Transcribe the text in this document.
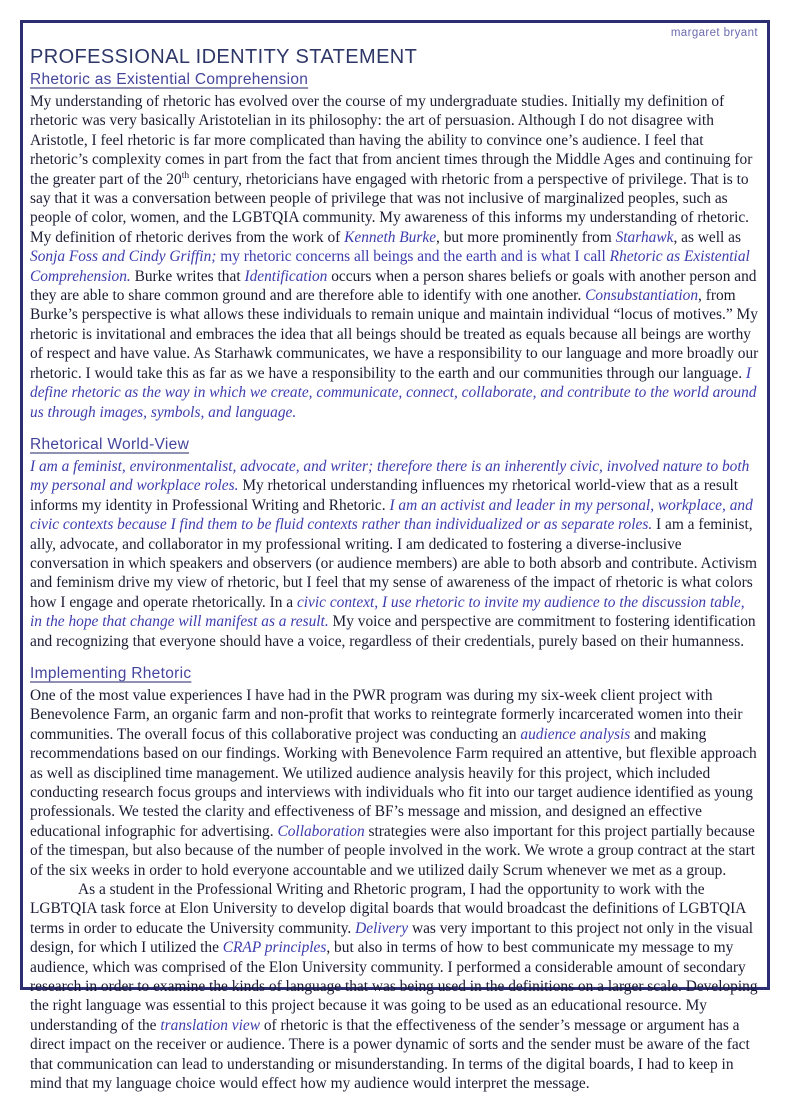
margaret bryant
PROFESSIONAL IDENTITY STATEMENT
Rhetoric as Existential Comprehension

My understanding of rhetoric has evolved over the course of my undergraduate studies. Initially my definition of rhetoric was very basically Aristotelian in its philosophy: the art of persuasion. Although I do not disagree with Aristotle, I feel rhetoric is far more complicated than having the ability to convince one’s audience. I feel that rhetoric’s complexity comes in part from the fact that from ancient times through the Middle Ages and continuing for the greater part of the 20th century, rhetoricians have engaged with rhetoric from a perspective of privilege. That is to say that it was a conversation between people of privilege that was not inclusive of marginalized peoples, such as people of color, women, and the LGBTQIA community. My awareness of this informs my understanding of rhetoric. My definition of rhetoric derives from the work of Kenneth Burke, but more prominently from Starhawk, as well as Sonja Foss and Cindy Griffin; my rhetoric concerns all beings and the earth and is what I call Rhetoric as Existential Comprehension. Burke writes that Identification occurs when a person shares beliefs or goals with another person and they are able to share common ground and are therefore able to identify with one another. Consubstantiation, from Burke’s perspective is what allows these individuals to remain unique and maintain individual “locus of motives.” My rhetoric is invitational and embraces the idea that all beings should be treated as equals because all beings are worthy of respect and have value. As Starhawk communicates, we have a responsibility to our language and more broadly our rhetoric. I would take this as far as we have a responsibility to the earth and our communities through our language. I define rhetoric as the way in which we create, communicate, connect, collaborate, and contribute to the world around us through images, symbols, and language.

Rhetorical World-View

I am a feminist, environmentalist, advocate, and writer; therefore there is an inherently civic, involved nature to both my personal and workplace roles. My rhetorical understanding influences my rhetorical world-view that as a result informs my identity in Professional Writing and Rhetoric. I am an activist and leader in my personal, workplace, and civic contexts because I find them to be fluid contexts rather than individualized or as separate roles. I am a feminist, ally, advocate, and collaborator in my professional writing. I am dedicated to fostering a diverse-inclusive conversation in which speakers and observers (or audience members) are able to both absorb and contribute. Activism and feminism drive my view of rhetoric, but I feel that my sense of awareness of the impact of rhetoric is what colors how I engage and operate rhetorically. In a civic context, I use rhetoric to invite my audience to the discussion table, in the hope that change will manifest as a result. My voice and perspective are commitment to fostering identification and recognizing that everyone should have a voice, regardless of their credentials, purely based on their humanness.

Implementing Rhetoric

One of the most value experiences I have had in the PWR program was during my six-week client project with Benevolence Farm, an organic farm and non-profit that works to reintegrate formerly incarcerated women into their communities. The overall focus of this collaborative project was conducting an audience analysis and making recommendations based on our findings. Working with Benevolence Farm required an attentive, but flexible approach as well as disciplined time management. We utilized audience analysis heavily for this project, which included conducting research focus groups and interviews with individuals who fit into our target audience identified as young professionals. We tested the clarity and effectiveness of BF’s message and mission, and designed an effective educational infographic for advertising. Collaboration strategies were also important for this project partially because of the timespan, but also because of the number of people involved in the work. We wrote a group contract at the start of the six weeks in order to hold everyone accountable and we utilized daily Scrum whenever we met as a group.

As a student in the Professional Writing and Rhetoric program, I had the opportunity to work with the LGBTQIA task force at Elon University to develop digital boards that would broadcast the definitions of LGBTQIA terms in order to educate the University community. Delivery was very important to this project not only in the visual design, for which I utilized the CRAP principles, but also in terms of how to best communicate my message to my audience, which was comprised of the Elon University community. I performed a considerable amount of secondary research in order to examine the kinds of language that was being used in the definitions on a larger scale. Developing the right language was essential to this project because it was going to be used as an educational resource. My understanding of the translation view of rhetoric is that the effectiveness of the sender’s message or argument has a direct impact on the receiver or audience. There is a power dynamic of sorts and the sender must be aware of the fact that communication can lead to understanding or misunderstanding. In terms of the digital boards, I had to keep in mind that my language choice would effect how my audience would interpret the message.
